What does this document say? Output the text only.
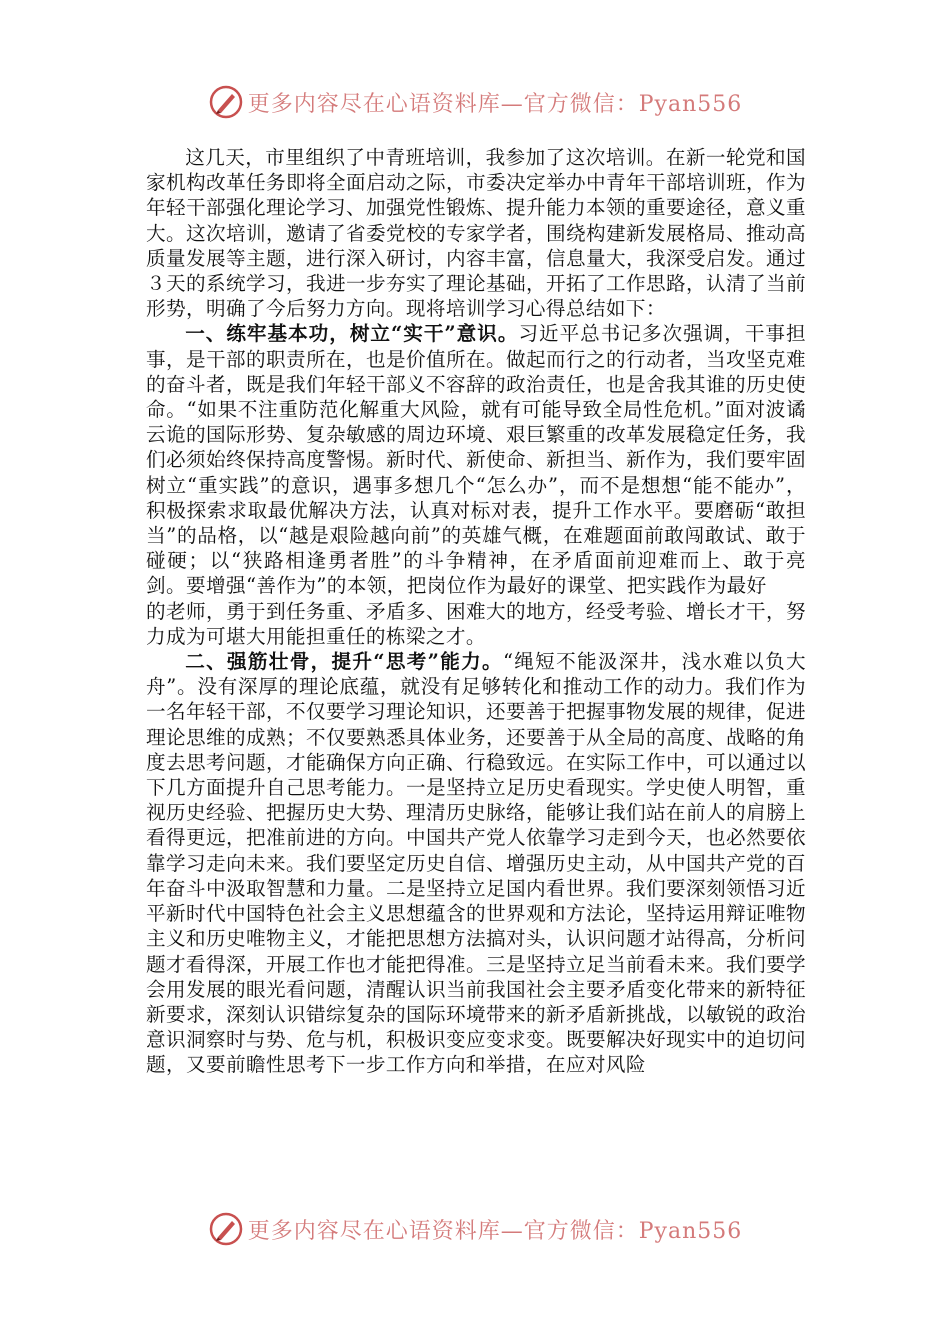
更多内容尽在心语资料库—官方微信：Pyan556

这几天，市里组织了中青班培训，我参加了这次培训。在新一轮党和国家机构改革任务即将全面启动之际，市委决定举办中青年干部培训班，作为年轻干部强化理论学习、加强党性锻炼、提升能力本领的重要途径，意义重大。这次培训，邀请了省委党校的专家学者，围绕构建新发展格局、推动高质量发展等主题，进行深入研讨，内容丰富，信息量大，我深受启发。通过３天的系统学习，我进一步夯实了理论基础，开拓了工作思路，认清了当前形势，明确了今后努力方向。现将培训学习心得总结如下：

一、练牢基本功，树立“实干”意识。习近平总书记多次强调，干事担事，是干部的职责所在，也是价值所在。做起而行之的行动者，当攻坚克难的奋斗者，既是我们年轻干部义不容辞的政治责任，也是舍我其谁的历史使命。“如果不注重防范化解重大风险，就有可能导致全局性危机。”面对波谲云诡的国际形势、复杂敏感的周边环境、艰巨繁重的改革发展稳定任务，我们必须始终保持高度警惕。新时代、新使命、新担当、新作为，我们要牢固树立“重实践”的意识，遇事多想几个“怎么办”，而不是想想“能不能办”，积极探索求取最优解决方法，认真对标对表，提升工作水平。要磨砺“敢担当”的品格，以“越是艰险越向前”的英雄气概，在难题面前敢闯敢试、敢于碰硬；以“狭路相逢勇者胜”的斗争精神，在矛盾面前迎难而上、敢于亮剑。要增强“善作为”的本领，把岗位作为最好的课堂、把实践作为最好

的老师，勇于到任务重、矛盾多、困难大的地方，经受考验、增长才干，努力成为可堪大用能担重任的栋梁之才。

二、强筋壮骨，提升“思考”能力。“绳短不能汲深井，浅水难以负大舟”。没有深厚的理论底蕴，就没有足够转化和推动工作的动力。我们作为一名年轻干部，不仅要学习理论知识，还要善于把握事物发展的规律，促进理论思维的成熟；不仅要熟悉具体业务，还要善于从全局的高度、战略的角度去思考问题，才能确保方向正确、行稳致远。在实际工作中，可以通过以下几方面提升自己思考能力。一是坚持立足历史看现实。学史使人明智，重视历史经验、把握历史大势、理清历史脉络，能够让我们站在前人的肩膀上看得更远，把准前进的方向。中国共产党人依靠学习走到今天，也必然要依靠学习走向未来。我们要坚定历史自信、增强历史主动，从中国共产党的百年奋斗中汲取智慧和力量。二是坚持立足国内看世界。我们要深刻领悟习近平新时代中国特色社会主义思想蕴含的世界观和方法论，坚持运用辩证唯物主义和历史唯物主义，才能把思想方法搞对头，认识问题才站得高，分析问题才看得深，开展工作也才能把得准。三是坚持立足当前看未来。我们要学会用发展的眼光看问题，清醒认识当前我国社会主要矛盾变化带来的新特征新要求，深刻认识错综复杂的国际环境带来的新矛盾新挑战，以敏锐的政治意识洞察时与势、危与机，积极识变应变求变。既要解决好现实中的迫切问题，又要前瞻性思考下一步工作方向和举措，在应对风险

更多内容尽在心语资料库—官方微信：Pyan556
